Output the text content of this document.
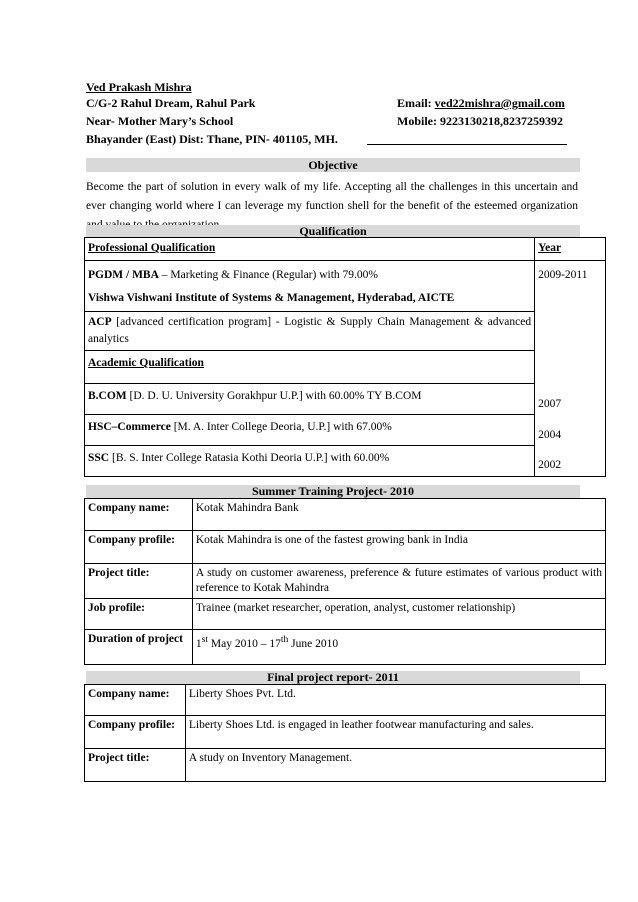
Ved Prakash Mishra
C/G-2 Rahul Dream, Rahul Park	Email: ved22mishra@gmail.com
Near- Mother Mary’s School	Mobile: 9223130218,8237259392
Bhayander (East) Dist: Thane, PIN- 401105, MH.
Objective
Become the part of solution in every walk of my life. Accepting all the challenges in this uncertain and ever changing world where I can leverage my function shell for the benefit of the esteemed organization
Qualification
Professional Qualification	Year
PGDM / MBA – Marketing & Finance (Regular) with 79.00%
Vishwa Vishwani Institute of Systems & Management, Hyderabad, AICTE	2009-2011
ACP [advanced certification program] - Logistic & Supply Chain Management & advanced analytics	
Academic Qualification	
B.COM [D. D. U. University Gorakhpur U.P.] with 60.00% TY B.COM	2007
HSC–Commerce [M. A. Inter College Deoria, U.P.] with 67.00%	2004
SSC [B. S. Inter College Ratasia Kothi Deoria U.P.] with 60.00%	2002
Summer Training Project- 2010
Company name:	Kotak Mahindra Bank
Company profile:	Kotak Mahindra is one of the fastest growing bank in India
Project title:	A study on customer awareness, preference & future estimates of various product with reference to Kotak Mahindra
Job profile:	Trainee (market researcher, operation, analyst, customer relationship)
Duration of project	1st May 2010 – 17th June 2010
Final project report- 2011
Company name:	Liberty Shoes Pvt. Ltd.
Company profile:	Liberty Shoes Ltd. is engaged in leather footwear manufacturing and sales.
Project title:	A study on Inventory Management.
